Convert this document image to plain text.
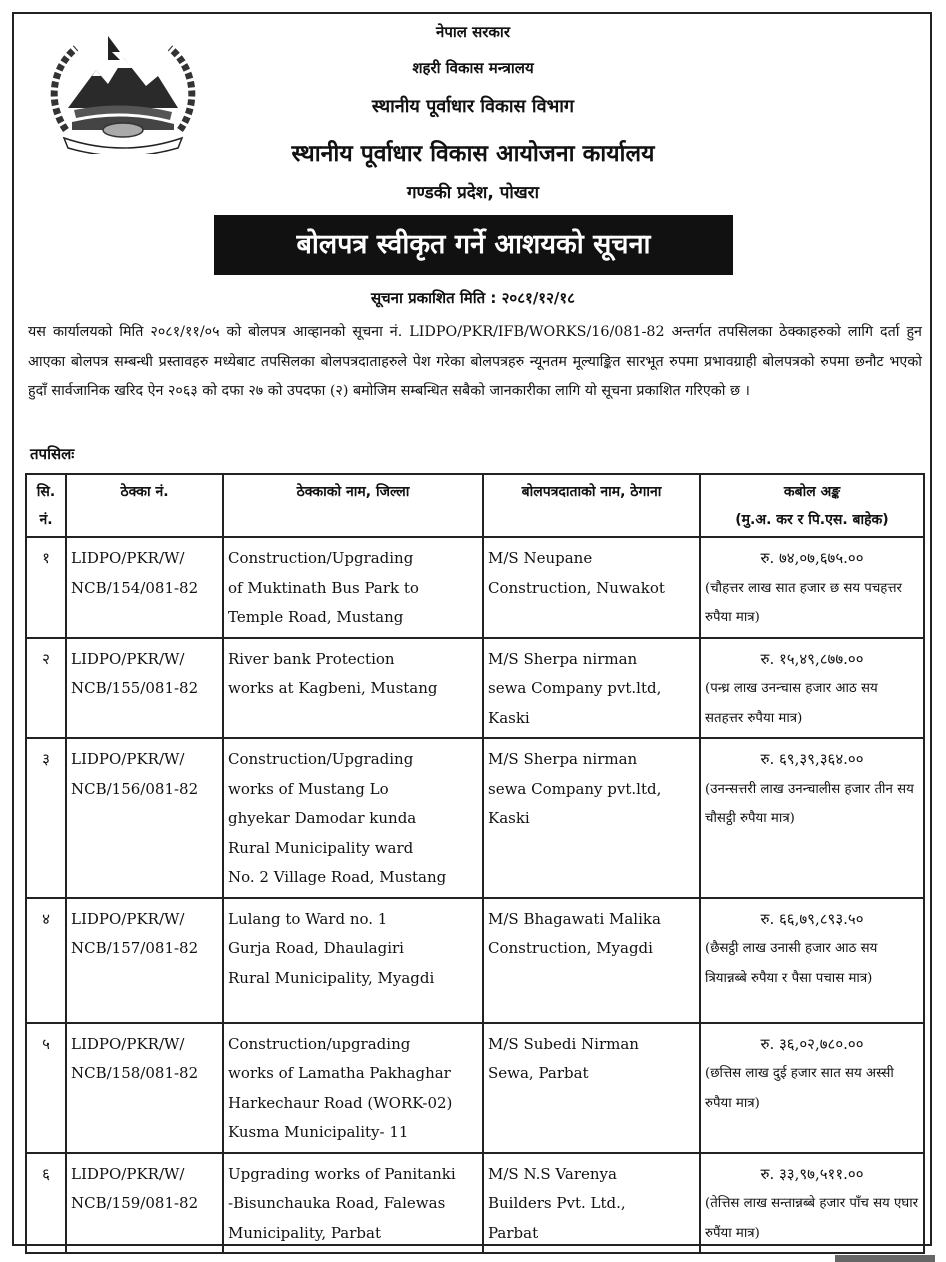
नेपाल सरकार
शहरी विकास मन्त्रालय
स्थानीय पूर्वाधार विकास विभाग
स्थानीय पूर्वाधार विकास आयोजना कार्यालय
गण्डकी प्रदेश, पोखरा
बोलपत्र स्वीकृत गर्ने आशयको सूचना
सूचना प्रकाशित मिति : २०८१/१२/१८
यस कार्यालयको मिति २०८१/११/०५ को बोलपत्र आव्हानको सूचना नं. LIDPO/PKR/IFB/WORKS/16/081-82 अन्तर्गत तपसिलका ठेक्काहरुको लागि दर्ता हुन आएका बोलपत्र सम्बन्धी प्रस्तावहरु मध्येबाट तपसिलका बोलपत्रदाताहरुले पेश गरेका बोलपत्रहरु न्यूनतम मूल्याङ्कित सारभूत रुपमा प्रभावग्राही बोलपत्रको रुपमा छनौट भएको हुदाँ सार्वजानिक खरिद ऐन २०६३ को दफा २७ को उपदफा (२) बमोजिम सम्बन्धित सबैको जानकारीका लागि यो सूचना प्रकाशित गरिएको छ ।
तपसिलः
सि.
नं.	ठेक्का नं.	ठेक्काको नाम, जिल्ला	बोलपत्रदाताको नाम, ठेगाना	कबोल अङ्क
(मु.अ. कर र पि.एस. बाहेक)
१	LIDPO/PKR/W/
NCB/154/081-82	Construction/Upgrading
of Muktinath Bus Park to
Temple Road, Mustang	M/S Neupane
Construction, Nuwakot	रु. ७४,०७,६७५.००
(चौहत्तर लाख सात हजार छ सय पचहत्तर रुपैया मात्र)

२	LIDPO/PKR/W/
NCB/155/081-82	River bank Protection
works at Kagbeni, Mustang	M/S Sherpa nirman
sewa Company pvt.ltd,
Kaski	रु. १५,४९,८७७.००
(पन्ध्र लाख उनन्चास हजार आठ सय सतहत्तर रुपैया मात्र)

३	LIDPO/PKR/W/
NCB/156/081-82	Construction/Upgrading
works of Mustang Lo
ghyekar Damodar kunda
Rural Municipality ward
No. 2 Village Road, Mustang	M/S Sherpa nirman
sewa Company pvt.ltd,
Kaski	रु. ६९,३९,३६४.००
(उनन्सत्तरी लाख उनन्चालीस हजार तीन सय चौसट्ठी रुपैया मात्र)

४	LIDPO/PKR/W/
NCB/157/081-82	Lulang to Ward no. 1
Gurja Road, Dhaulagiri
Rural Municipality, Myagdi	M/S Bhagawati Malika
Construction, Myagdi	रु. ६६,७९,८९३.५०
(छैसट्ठी लाख उनासी हजार आठ सय त्रियान्नब्बे रुपैया र पैसा पचास मात्र)

५	LIDPO/PKR/W/
NCB/158/081-82	Construction/upgrading
works of Lamatha Pakhaghar
Harkechaur Road (WORK-02)
Kusma Municipality- 11	M/S Subedi Nirman
Sewa, Parbat	रु. ३६,०२,७८०.००
(छत्तिस लाख दुई हजार सात सय अस्सी रुपैया मात्र)

६	LIDPO/PKR/W/
NCB/159/081-82	Upgrading works of Panitanki
-Bisunchauka Road, Falewas
Municipality, Parbat	M/S N.S Varenya
Builders Pvt. Ltd.,
Parbat	रु. ३३,९७,५११.००
(तेत्तिस लाख सन्तान्नब्बे हजार पाँच सय एघार रुपैंया मात्र)
